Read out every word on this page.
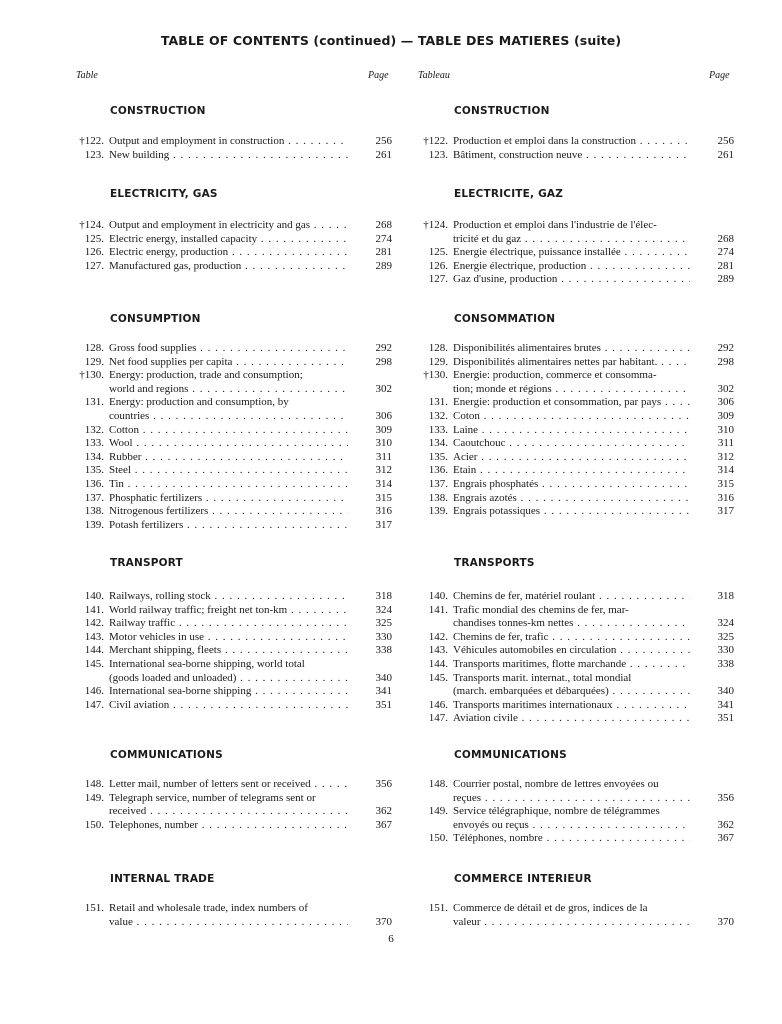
TABLE OF CONTENTS (continued) — TABLE DES MATIERES (suite)
Table	Page	Tableau	Page
CONSTRUCTION
†122. Output and employment in construction . . .	256
123. New building . . .	261
ELECTRICITY, GAS
†124. Output and employment in electricity and gas . . .	268
125. Electric energy, installed capacity . . .	274
126. Electric energy, production . . .	281
127. Manufactured gas, production . . .	289
CONSUMPTION
128. Gross food supplies . . .	292
129. Net food supplies per capita . . .	298
†130. Energy: production, trade and consumption;
world and regions . . .	302
131. Energy: production and consumption, by
countries . . .	306
132. Cotton . . .	309
133. Wool . . .	310
134. Rubber . . .	311
135. Steel . . .	312
136. Tin . . .	314
137. Phosphatic fertilizers . . .	315
138. Nitrogenous fertilizers . . .	316
139. Potash fertilizers . . .	317
TRANSPORT
140. Railways, rolling stock . . .	318
141. World railway traffic; freight net ton-km . . .	324
142. Railway traffic . . .	325
143. Motor vehicles in use . . .	330
144. Merchant shipping, fleets . . .	338
145. International sea-borne shipping, world total
(goods loaded and unloaded) . . .	340
146. International sea-borne shipping . . .	341
147. Civil aviation . . .	351
COMMUNICATIONS
148. Letter mail, number of letters sent or received . . .	356
149. Telegraph service, number of telegrams sent or
received . . .	362
150. Telephones, number . . .	367
INTERNAL TRADE
151. Retail and wholesale trade, index numbers of
value . . .	370
CONSTRUCTION
†122. Production et emploi dans la construction . . .	256
123. Bâtiment, construction neuve . . .	261
ELECTRICITE, GAZ
†124. Production et emploi dans l'industrie de l'élec-
tricité et du gaz . . .	268
125. Energie électrique, puissance installée . . .	274
126. Energie électrique, production . . .	281
127. Gaz d'usine, production . . .	289
CONSOMMATION
128. Disponibilités alimentaires brutes . . .	292
129. Disponibilités alimentaires nettes par habitant. . . .	298
†130. Energie: production, commerce et consomma-
tion; monde et régions . . .	302
131. Energie: production et consommation, par pays . . .	306
132. Coton . . .	309
133. Laine . . .	310
134. Caoutchouc . . .	311
135. Acier . . .	312
136. Etain . . .	314
137. Engrais phosphatés . . .	315
138. Engrais azotés . . .	316
139. Engrais potassiques . . .	317
TRANSPORTS
140. Chemins de fer, matériel roulant . . .	318
141. Trafic mondial des chemins de fer, mar-
chandises tonnes-km nettes . . .	324
142. Chemins de fer, trafic . . .	325
143. Véhicules automobiles en circulation . . .	330
144. Transports maritimes, flotte marchande . . .	338
145. Transports marit. internat., total mondial
(march. embarquées et débarquées) . . .	340
146. Transports maritimes internationaux . . .	341
147. Aviation civile . . .	351
COMMUNICATIONS
148. Courrier postal, nombre de lettres envoyées ou
reçues . . .	356
149. Service télégraphique, nombre de télégrammes
envoyés ou reçus . . .	362
150. Téléphones, nombre . . .	367
COMMERCE INTERIEUR
151. Commerce de détail et de gros, indices de la
valeur . . .	370
6
